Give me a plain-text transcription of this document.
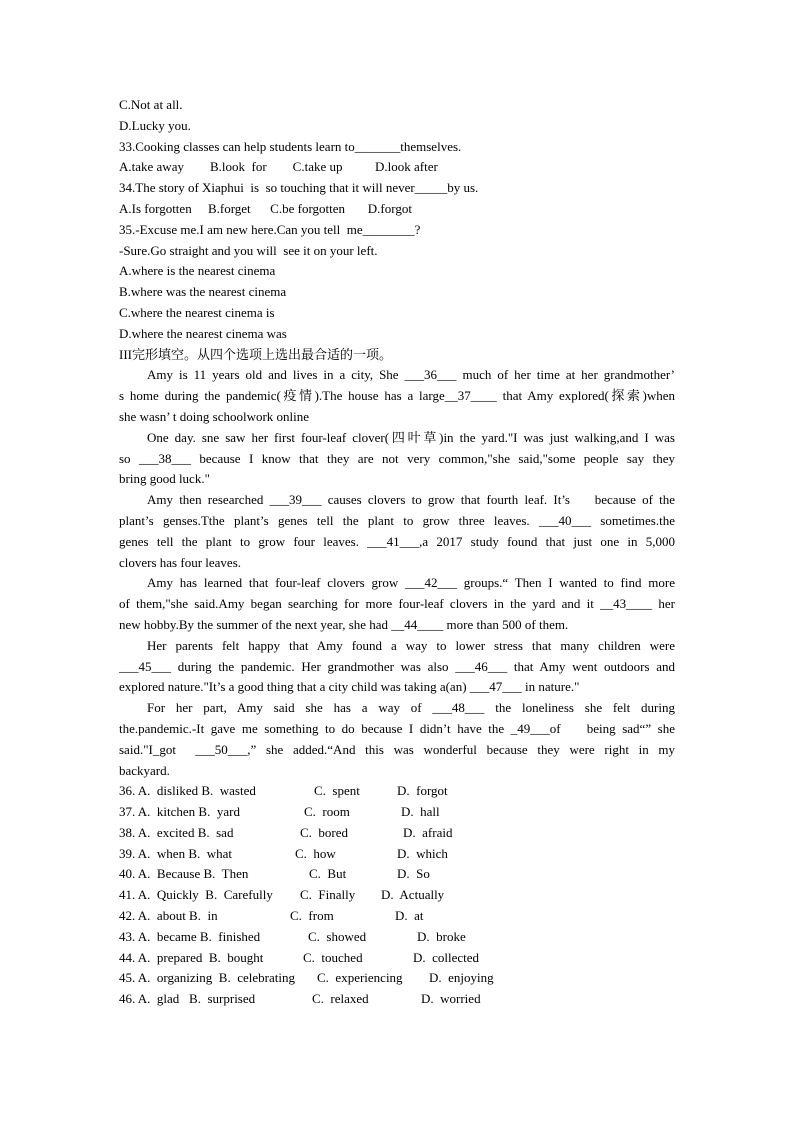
C.Not at all.
D.Lucky you.
33.Cooking classes can help students learn to_______themselves.
A.take away        B.look  for        C.take up          D.look after
34.The story of Xiaphui  is  so touching that it will never_____by us.
A.Is forgotten     B.forget      C.be forgotten       D.forgot
35.-Excuse me.I am new here.Can you tell  me________?
-Sure.Go straight and you will  see it on your left.
A.where is the nearest cinema
B.where was the nearest cinema
C.where the nearest cinema is
D.where the nearest cinema was
III完形填空。从四个选项上选出最合适的一项。
Amy is 11 years old and lives in a city, She ___36___ much of her time at her grandmother’
s home during the pandemic(疫情).The house has a large__37____ that Amy explored(探索)when
she wasn’ t doing schoolwork online
One day. sne saw her first four-leaf clover(四叶草)in the yard."I was just walking,and I was
so ___38___ because I know that they are not very common,"she said,"some people say they
bring good luck."
Amy then researched ___39___ causes clovers to grow that fourth leaf. It’s    because of the
plant’s genses.Tthe plant’s genes tell the plant to grow three leaves. ___40___ sometimes.the
genes tell the plant to grow four leaves. ___41___,a 2017 study found that just one in 5,000
clovers has four leaves.
Amy has learned that four-leaf clovers grow ___42___ groups.“ Then I wanted to find more
of them,"she said.Amy began searching for more four-leaf clovers in the yard and it __43____ her
new hobby.By the summer of the next year, she had __44____ more than 500 of them.
Her parents felt happy that Amy found a way to lower stress that many children were
___45___ during the pandemic. Her grandmother was also ___46___ that Amy went outdoors and
explored nature."It’s a good thing that a city child was taking a(an) ___47___ in nature."
For her part, Amy said she has a way of ___48___ the loneliness she felt during
the.pandemic.-It gave me something to do because I didn’t have the _49___of    being sad“” she
said."I_got  ___50___,” she added.“And this was wonderful because they were right in my
backyard.
36. A.  disliked B.  wasted	C.  spent	D.  forgot
37. A.  kitchen B.  yard	C.  room	D.  hall
38. A.  excited B.  sad	C.  bored	D.  afraid
39. A.  when B.  what	C.  how	D.  which
40. A.  Because B.  Then	C.  But	D.  So
41. A.  Quickly  B.  Carefully C.  Finally D.  Actually
42. A.  about B.  in	C.  from	D.  at
43. A.  became B.  finished	C.  showed	D.  broke
44. A.  prepared  B.  bought	C.  touched	D.  collected
45. A.  organizing  B.  celebrating C.  experiencing D.  enjoying
46. A.  glad   B.  surprised	C.  relaxed	D.  worried
